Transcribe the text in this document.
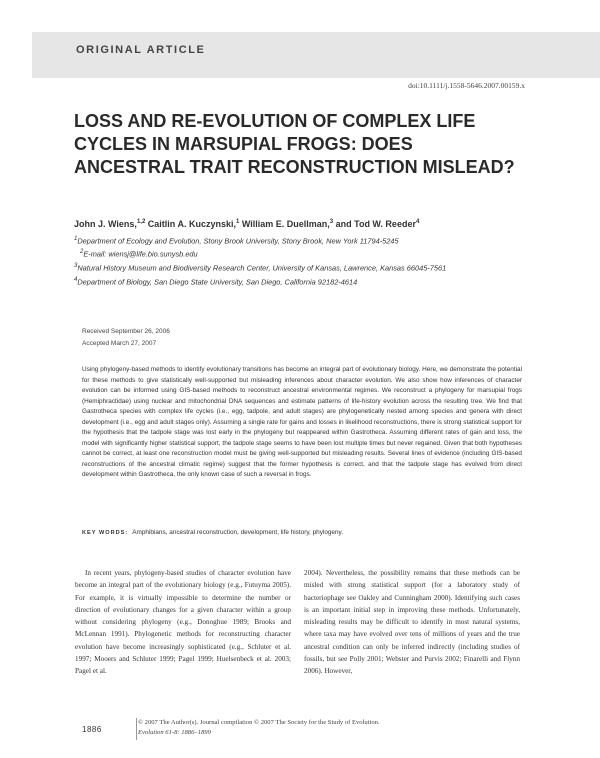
ORIGINAL ARTICLE
doi:10.1111/j.1558-5646.2007.00159.x
LOSS AND RE-EVOLUTION OF COMPLEX LIFE CYCLES IN MARSUPIAL FROGS: DOES ANCESTRAL TRAIT RECONSTRUCTION MISLEAD?
John J. Wiens,$^{1,2}$ Caitlin A. Kuczynski,$^1$ William E. Duellman,$^3$ and Tod W. Reeder$^4$
$^1$Department of Ecology and Evolution, Stony Brook University, Stony Brook, New York 11794-5245
$^2$E-mail: wiensj@life.bio.sunysb.edu
$^3$Natural History Museum and Biodiversity Research Center, University of Kansas, Lawrence, Kansas 66045-7561
$^4$Department of Biology, San Diego State University, San Diego, California 92182-4614
Received September 26, 2006
Accepted March 27, 2007

Using phylogeny-based methods to identify evolutionary transitions has become an integral part of evolutionary biology. Here, we demonstrate the potential for these methods to give statistically well-supported but misleading inferences about character evolution. We also show how inferences of character evolution can be informed using GIS-based methods to reconstruct ancestral environmental regimes. We reconstruct a phylogeny for marsupial frogs (Hemiphractidae) using nuclear and mitochondrial DNA sequences and estimate patterns of life-history evolution across the resulting tree. We find that Gastrotheca species with complex life cycles (i.e., egg, tadpole, and adult stages) are phylogenetically nested among species and genera with direct development (i.e., egg and adult stages only). Assuming a single rate for gains and losses in likelihood reconstructions, there is strong statistical support for the hypothesis that the tadpole stage was lost early in the phylogeny but reappeared within Gastrotheca. Assuming different rates of gain and loss, the model with significantly higher statistical support, the tadpole stage seems to have been lost multiple times but never regained. Given that both hypotheses cannot be correct, at least one reconstruction model must be giving well-supported but misleading results. Several lines of evidence (including GIS-based reconstructions of the ancestral climatic regime) suggest that the former hypothesis is correct, and that the tadpole stage has evolved from direct development within Gastrotheca, the only known case of such a reversal in frogs.

KEY WORDS: Amphibians, ancestral reconstruction, development, life history, phylogeny.

In recent years, phylogeny-based studies of character evolution have become an integral part of the evolutionary biology (e.g., Futuyma 2005). For example, it is virtually impossible to determine the number or direction of evolutionary changes for a given character within a group without considering phylogeny (e.g., Donoghue 1989; Brooks and McLennan 1991). Phylogenetic methods for reconstructing character evolution have become increasingly sophisticated (e.g., Schluter et al. 1997; Mooers and Schluter 1999; Pagel 1999; Huelsenbeck et al. 2003; Pagel et al.

2004). Nevertheless, the possibility remains that these methods can be misled with strong statistical support (for a laboratory study of bacteriophage see Oakley and Cunningham 2000). Identifying such cases is an important initial step in improving these methods. Unfortunately, misleading results may be difficult to identify in most natural systems, where taxa may have evolved over tens of millions of years and the true ancestral condition can only be inferred indirectly (including studies of fossils, but see Polly 2001; Webster and Purvis 2002; Finarelli and Flynn 2006). However,

1886
© 2007 The Author(s). Journal compilation © 2007 The Society for the Study of Evolution.
Evolution 61-8: 1886–1899
